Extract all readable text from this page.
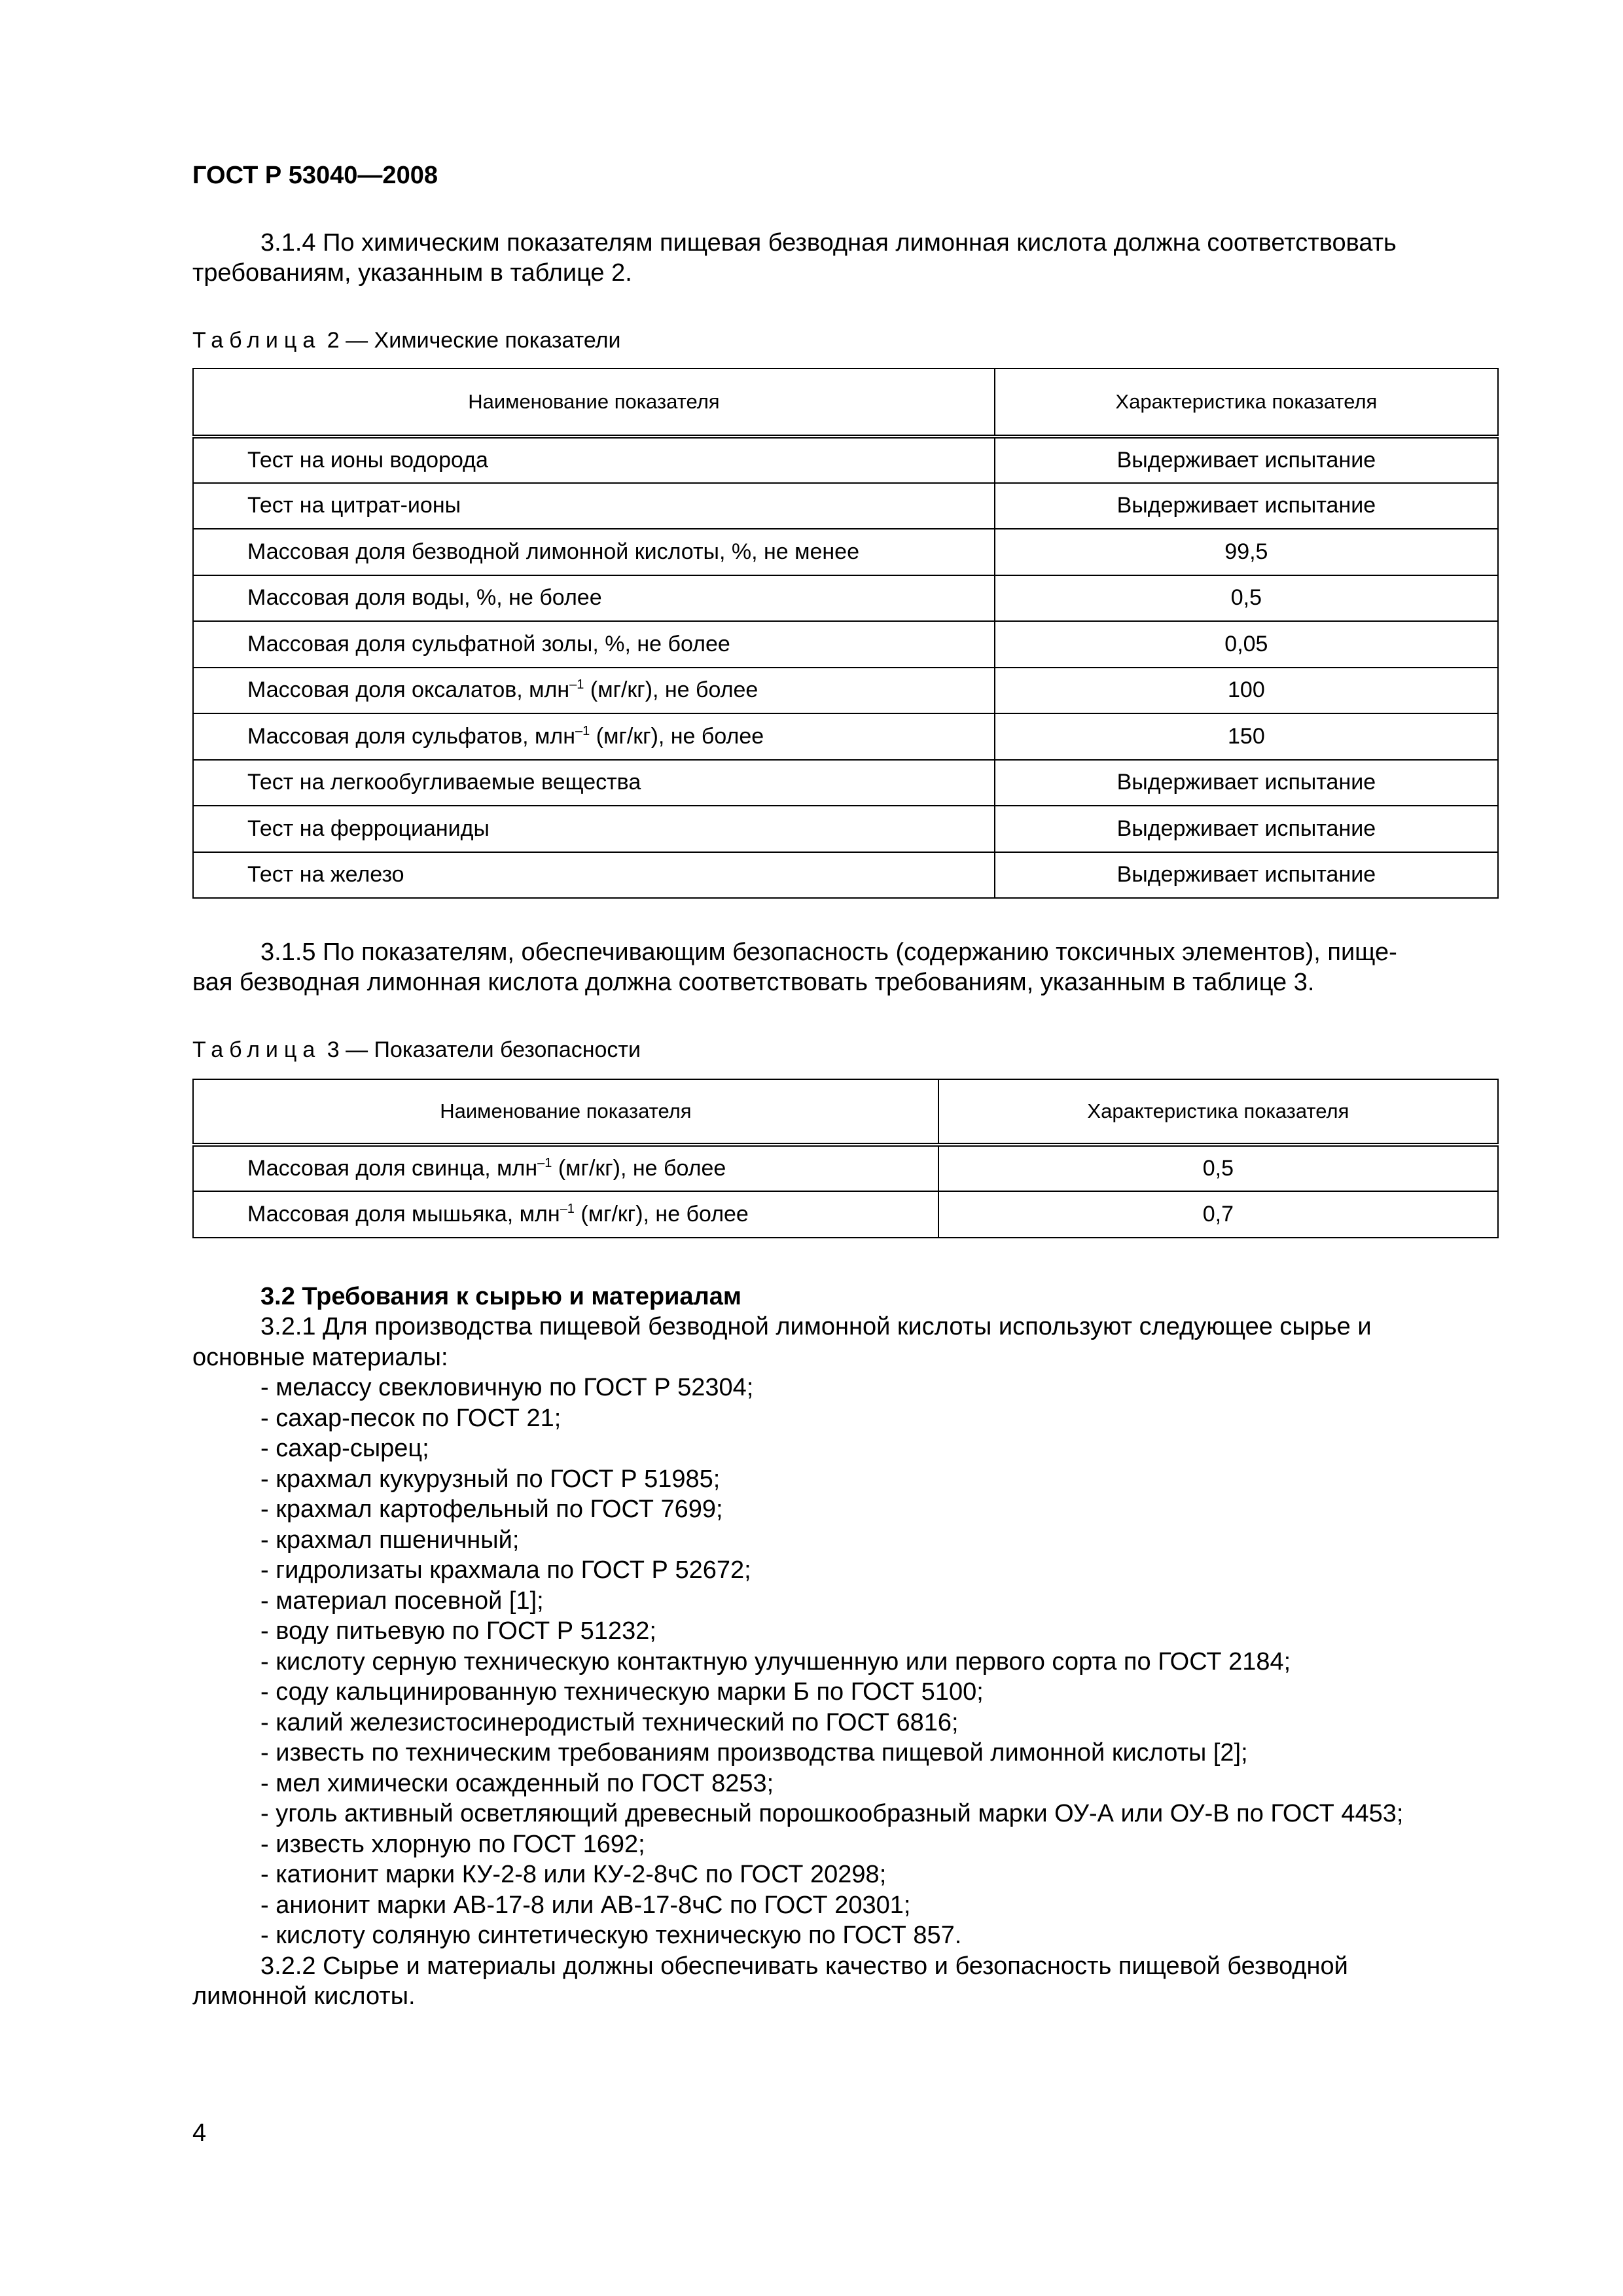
ГОСТ Р 53040—2008
3.1.4 По химическим показателям пищевая безводная лимонная кислота должна соответствовать
требованиям, указанным в таблице 2.
Таблица 2 — Химические показатели
Наименование показателя	Характеристика показателя
Тест на ионы водорода	Выдерживает испытание
Тест на цитрат-ионы	Выдерживает испытание
Массовая доля безводной лимонной кислоты, %, не менее	99,5
Массовая доля воды, %, не более	0,5
Массовая доля сульфатной золы, %, не более	0,05
Массовая доля оксалатов, млн$^{-1}$ (мг/кг), не более	100
Массовая доля сульфатов, млн$^{-1}$ (мг/кг), не более	150
Тест на легкообугливаемые вещества	Выдерживает испытание
Тест на ферроцианиды	Выдерживает испытание
Тест на железо	Выдерживает испытание
3.1.5 По показателям, обеспечивающим безопасность (содержанию токсичных элементов), пище-
вая безводная лимонная кислота должна соответствовать требованиям, указанным в таблице 3.
Таблица 3 — Показатели безопасности
Наименование показателя	Характеристика показателя
Массовая доля свинца, млн$^{-1}$ (мг/кг), не более	0,5
Массовая доля мышьяка, млн$^{-1}$ (мг/кг), не более	0,7
3.2 Требования к сырью и материалам
3.2.1 Для производства пищевой безводной лимонной кислоты используют следующее сырье и
основные материалы:
- мелассу свекловичную по ГОСТ Р 52304;
- сахар-песок по ГОСТ 21;
- сахар-сырец;
- крахмал кукурузный по ГОСТ Р 51985;
- крахмал картофельный по ГОСТ 7699;
- крахмал пшеничный;
- гидролизаты крахмала по ГОСТ Р 52672;
- материал посевной [1];
- воду питьевую по ГОСТ Р 51232;
- кислоту серную техническую контактную улучшенную или первого сорта по ГОСТ 2184;
- соду кальцинированную техническую марки Б по ГОСТ 5100;
- калий железистосинеродистый технический по ГОСТ 6816;
- известь по техническим требованиям производства пищевой лимонной кислоты [2];
- мел химически осажденный по ГОСТ 8253;
- уголь активный осветляющий древесный порошкообразный марки ОУ-А или ОУ-В по ГОСТ 4453;
- известь хлорную по ГОСТ 1692;
- катионит марки КУ-2-8 или КУ-2-8чС по ГОСТ 20298;
- анионит марки АВ-17-8 или АВ-17-8чС по ГОСТ 20301;
- кислоту соляную синтетическую техническую по ГОСТ 857.
3.2.2 Сырье и материалы должны обеспечивать качество и безопасность пищевой безводной
лимонной кислоты.
4
